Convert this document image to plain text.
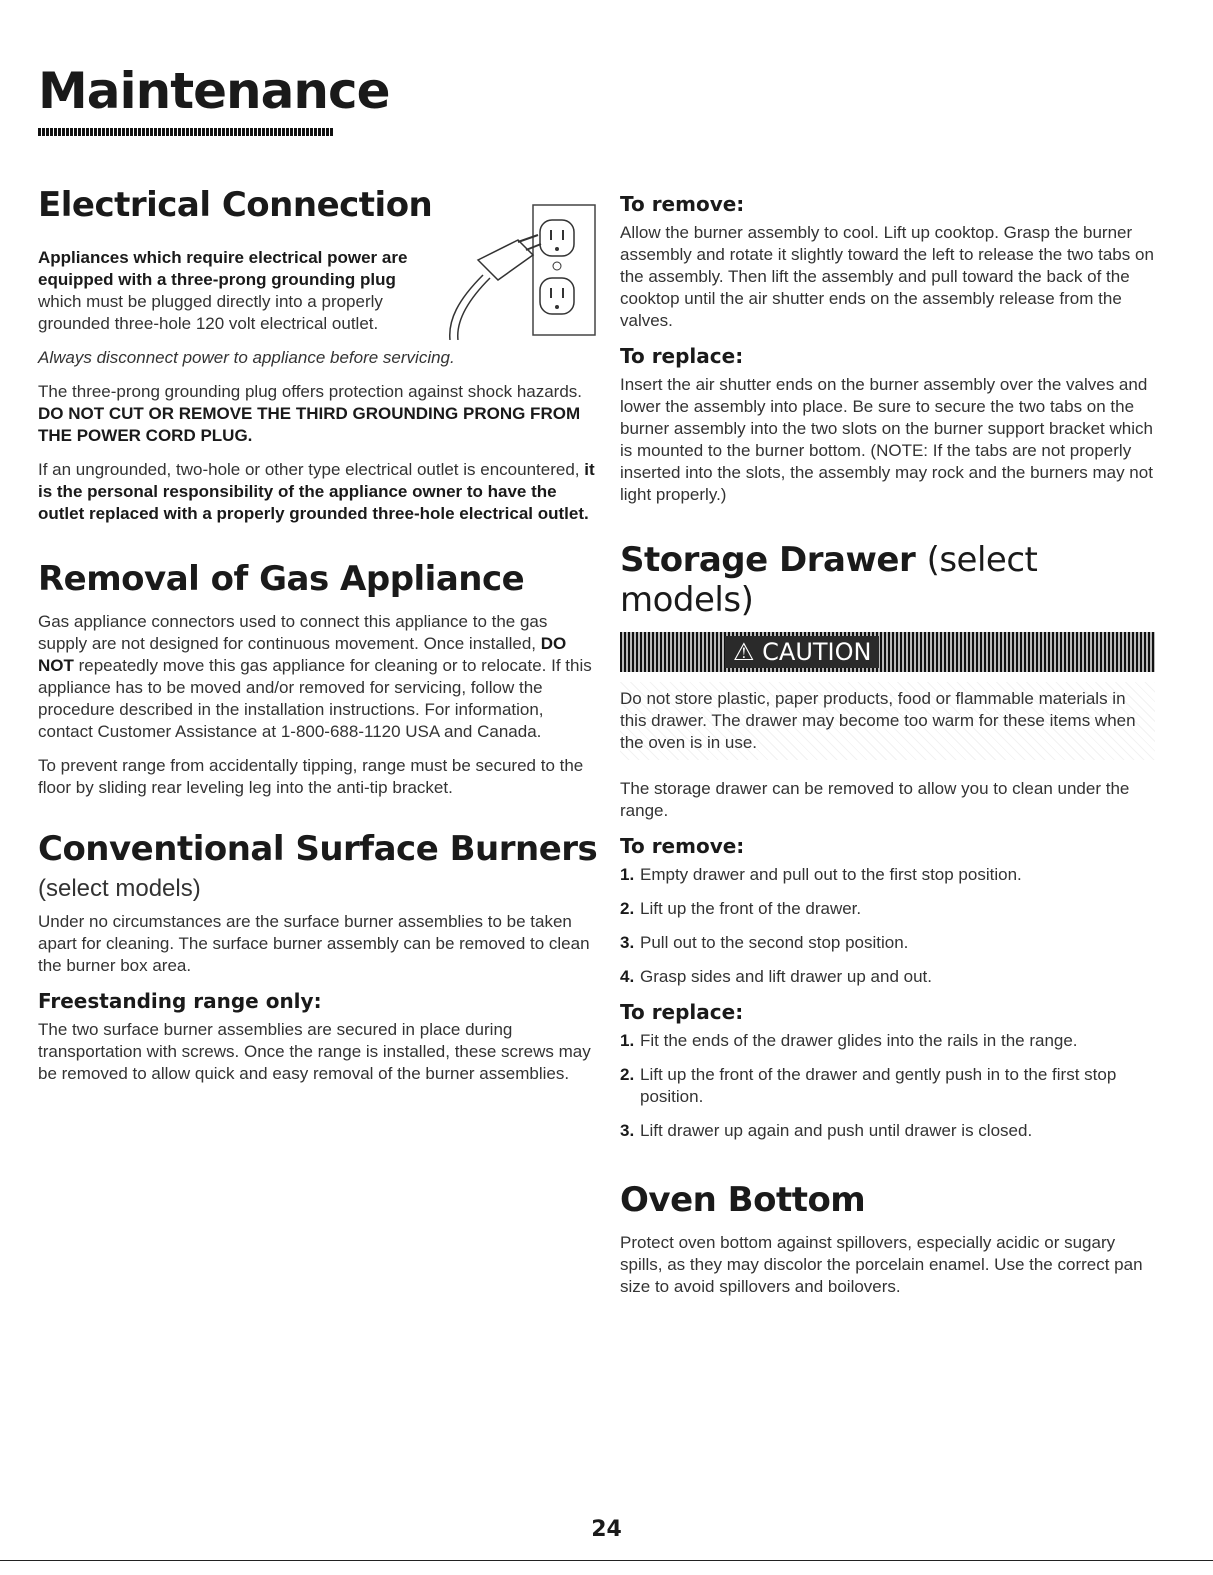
Maintenance
Electrical Connection

Appliances which require electrical power are equipped with a three-prong grounding plug which must be plugged directly into a properly grounded three-hole 120 volt electrical outlet.

Always disconnect power to appliance before servicing.

The three-prong grounding plug offers protection against shock hazards. DO NOT CUT OR REMOVE THE THIRD GROUNDING PRONG FROM THE POWER CORD PLUG.

If an ungrounded, two-hole or other type electrical outlet is encountered, it is the personal responsibility of the appliance owner to have the outlet replaced with a properly grounded three-hole electrical outlet.

Removal of Gas Appliance

Gas appliance connectors used to connect this appliance to the gas supply are not designed for continuous movement. Once installed, DO NOT repeatedly move this gas appliance for cleaning or to relocate. If this appliance has to be moved and/or removed for servicing, follow the procedure described in the installation instructions. For information, contact Customer Assistance at 1-800-688-1120 USA and Canada.

To prevent range from accidentally tipping, range must be secured to the floor by sliding rear leveling leg into the anti-tip bracket.

Conventional Surface Burners
(select models)

Under no circumstances are the surface burner assemblies to be taken apart for cleaning. The surface burner assembly can be removed to clean the burner box area.

Freestanding range only:

The two surface burner assemblies are secured in place during transportation with screws. Once the range is installed, these screws may be removed to allow quick and easy removal of the burner assemblies.

To remove:

Allow the burner assembly to cool. Lift up cooktop. Grasp the burner assembly and rotate it slightly toward the left to release the two tabs on the assembly. Then lift the assembly and pull toward the back of the cooktop until the air shutter ends on the assembly release from the valves.

To replace:

Insert the air shutter ends on the burner assembly over the valves and lower the assembly into place. Be sure to secure the two tabs on the burner assembly into the two slots on the burner support bracket which is mounted to the burner bottom. (NOTE: If the tabs are not properly inserted into the slots, the assembly may rock and the burners may not light properly.)

Storage Drawer (select models)
⚠ CAUTION
Do not store plastic, paper products, food or flammable materials in this drawer. The drawer may become too warm for these items when the oven is in use.

The storage drawer can be removed to allow you to clean under the range.

To remove:
1. Empty drawer and pull out to the first stop position.
2. Lift up the front of the drawer.
3. Pull out to the second stop position.
4. Grasp sides and lift drawer up and out.
To replace:
1. Fit the ends of the drawer glides into the rails in the range.
2. Lift up the front of the drawer and gently push in to the first stop position.
3. Lift drawer up again and push until drawer is closed.
Oven Bottom

Protect oven bottom against spillovers, especially acidic or sugary spills, as they may discolor the porcelain enamel. Use the correct pan size to avoid spillovers and boilovers.

24
